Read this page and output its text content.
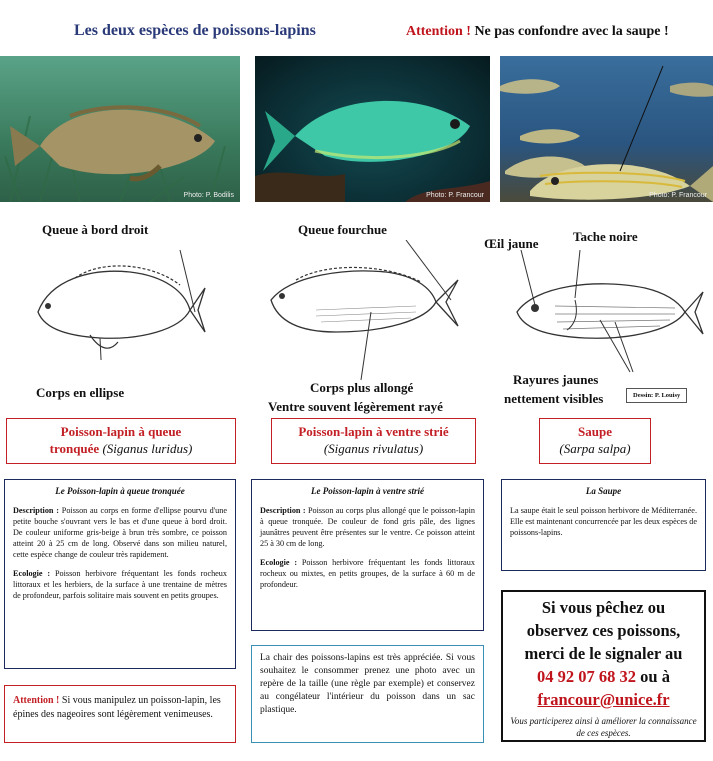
Les deux espèces de poissons-lapins	Attention ! Ne pas confondre avec la saupe !
Photo: P. Bodilis	Photo: P. Francour	Photo: P. Francour
Queue à bord droit
Corps en ellipse
Queue fourchue
Corps plus allongé
Ventre souvent légèrement rayé
Œil jaune	Tache noire
Rayures jaunes
nettement visibles	Dessin: P. Louisy
Poisson-lapin à queue
tronquée (Siganus luridus)
Poisson-lapin à ventre strié
(Siganus rivulatus)
Saupe
(Sarpa salpa)
Le Poisson-lapin à queue tronquée

Description : Poisson au corps en forme d'ellipse pourvu d'une petite bouche s'ouvrant vers le bas et d'une queue à bord droit. De couleur uniforme gris-beige à brun très sombre, ce poisson atteint 20 à 25 cm de long. Observé dans son milieu naturel, cette espèce change de couleur très rapidement.

Ecologie : Poisson herbivore fréquentant les fonds rocheux littoraux et les herbiers, de la surface à une trentaine de mètres de profondeur, parfois solitaire mais souvent en petits groupes.

Le Poisson-lapin à ventre strié

Description : Poisson au corps plus allongé que le poisson-lapin à queue tronquée. De couleur de fond gris pâle, des lignes jaunâtres peuvent être présentes sur le ventre. Ce poisson atteint 25 à 30 cm de long.

Ecologie : Poisson herbivore fréquentant les fonds littoraux rocheux ou mixtes, en petits groupes, de la surface à 60 m de profondeur.

La Saupe

La saupe était le seul poisson herbivore de Méditerranée. Elle est maintenant concurrencée par les deux espèces de poissons-lapins.

Attention ! Si vous manipulez un poisson-lapin, les épines des nageoires sont légèrement venimeuses.
La chair des poissons-lapins est très appréciée. Si vous souhaitez le consommer prenez une photo avec un repère de la taille (une règle par exemple) et conservez au congélateur l'intérieur du poisson dans un sac plastique.
Si vous pêchez ou
observez ces poissons,
merci de le signaler au
04 92 07 68 32 ou à
francour@unice.fr
Vous participerez ainsi à améliorer la connaissance de ces espèces.
